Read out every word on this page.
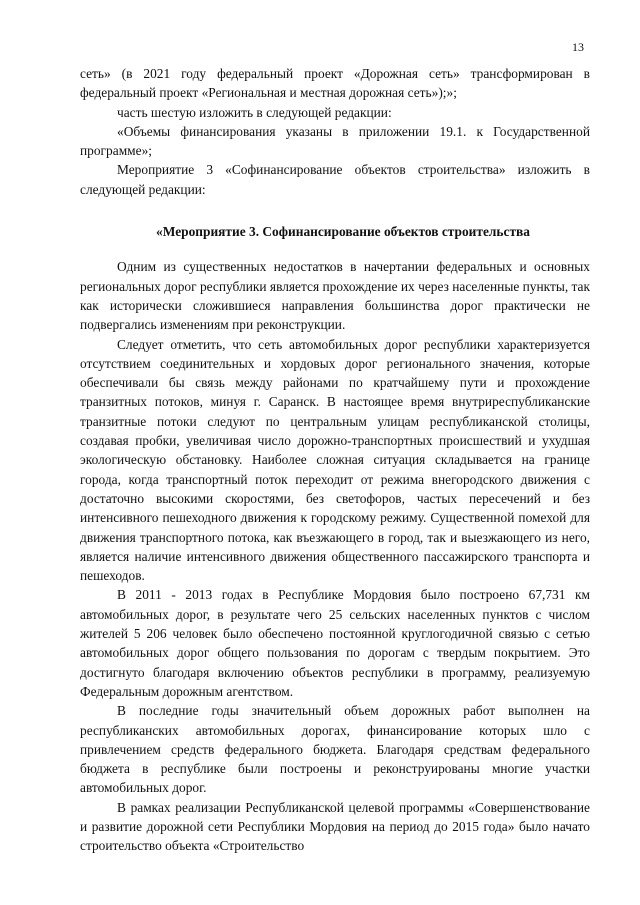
13

сеть» (в 2021 году федеральный проект «Дорожная сеть» трансформирован в федеральный проект «Региональная и местная дорожная сеть»);»;

часть шестую изложить в следующей редакции:

«Объемы финансирования указаны в приложении 19.1. к Государственной программе»;

Мероприятие 3 «Софинансирование объектов строительства» изложить в следующей редакции:

«Мероприятие 3. Софинансирование объектов строительства

Одним из существенных недостатков в начертании федеральных и основных региональных дорог республики является прохождение их через населенные пункты, так как исторически сложившиеся направления большинства дорог практически не подвергались изменениям при реконструкции.

Следует отметить, что сеть автомобильных дорог республики характеризуется отсутствием соединительных и хордовых дорог регионального значения, которые обеспечивали бы связь между районами по кратчайшему пути и прохождение транзитных потоков, минуя г. Саранск. В настоящее время внутриреспубликанские транзитные потоки следуют по центральным улицам республиканской столицы, создавая пробки, увеличивая число дорожно-транспортных происшествий и ухудшая экологическую обстановку. Наиболее сложная ситуация складывается на границе города, когда транспортный поток переходит от режима внегородского движения с достаточно высокими скоростями, без светофоров, частых пересечений и без интенсивного пешеходного движения к городскому режиму. Существенной помехой для движения транспортного потока, как въезжающего в город, так и выезжающего из него, является наличие интенсивного движения общественного пассажирского транспорта и пешеходов.

В 2011 - 2013 годах в Республике Мордовия было построено 67,731 км автомобильных дорог, в результате чего 25 сельских населенных пунктов с числом жителей 5 206 человек было обеспечено постоянной круглогодичной связью с сетью автомобильных дорог общего пользования по дорогам с твердым покрытием. Это достигнуто благодаря включению объектов республики в программу, реализуемую Федеральным дорожным агентством.

В последние годы значительный объем дорожных работ выполнен на республиканских автомобильных дорогах, финансирование которых шло с привлечением средств федерального бюджета. Благодаря средствам федерального бюджета в республике были построены и реконструированы многие участки автомобильных дорог.

В рамках реализации Республиканской целевой программы «Совершенствование и развитие дорожной сети Республики Мордовия на период до 2015 года» было начато строительство объекта «Строительство
